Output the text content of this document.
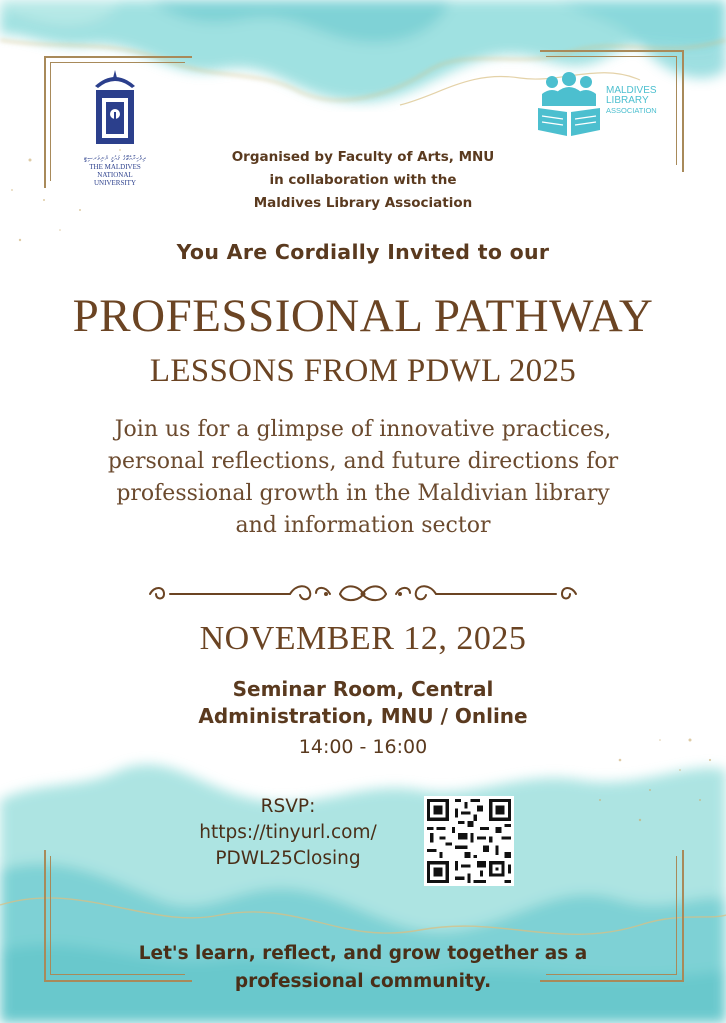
ދިވެހިރާއްޖޭގެ ޤައުމީ ޔުނިވަރސިޓީ
THE MALDIVES NATIONAL UNIVERSITY
MALDIVES
LIBRARY
ASSOCIATION
Organised by Faculty of Arts, MNU
in collaboration with the
Maldives Library Association
You Are Cordially Invited to our
PROFESSIONAL PATHWAY
LESSONS FROM PDWL 2025
Join us for a glimpse of innovative practices,
personal reflections, and future directions for
professional growth in the Maldivian library
and information sector
NOVEMBER 12, 2025
Seminar Room, Central
Administration, MNU / Online
14:00 - 16:00
RSVP:
https://tinyurl.com/
PDWL25Closing
Let's learn, reflect, and grow together as a
professional community.
